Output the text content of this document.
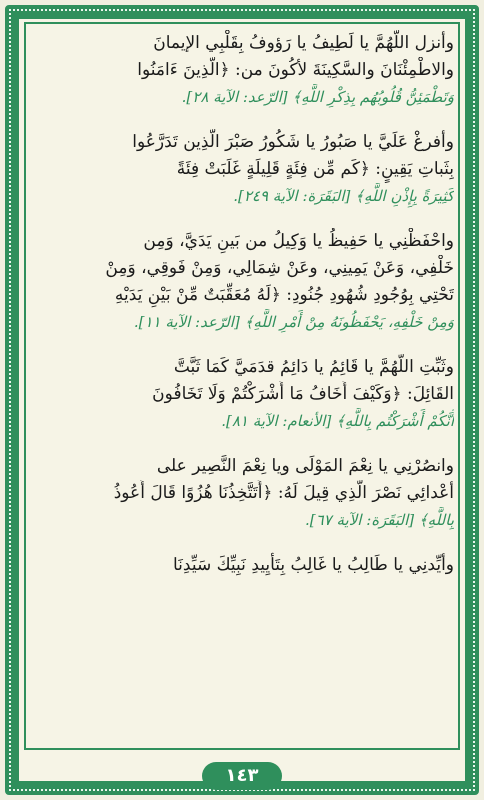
وأنزل اللَّهُمَّ يا لَطِيفُ يا رَؤوفُ بِقَلْبِي الإيمانَ
والاطْمِئْنَانَ والسَّكِينَةَ لأكُونَ من: ﴿الَّذِينَ ءَامَنُوا
وَتَطْمَئِنُّ قُلُوبُهُم بِذِكْرِ اللَّهِ﴾ [الرّعد: الآية ٢٨].
وأفرغْ عَلَيَّ يا صَبُورُ يا شَكُورُ صَبْرَ الَّذِين تَدَرَّعُوا
بِثَباتِ يَقِينٍ: ﴿كَم مِّن فِئَةٍ قَلِيلَةٍ غَلَبَتْ فِئَةً
كَثِيرَةً بِإِذْنِ اللَّهِ﴾ [البَقَرَة: الآية ٢٤٩].
واحْفَظْنِي يا حَفِيظُ يا وَكِيلُ من بَينِ يَدَيَّ، وَمِن
خَلْفِي، وَعَنْ يَمِينِي، وعَنْ شِمَالِي، وَمِنْ فَوقِي، وَمِنْ
تَحْتِي بِوُجُودِ شُهُودِ جُنُودِ: ﴿لَهُ مُعَقِّبَتٌ مِّنْ بَيْنِ يَدَيْهِ
وَمِنْ خَلْفِهِ، يَحْفَظُونَهُ مِنْ أَمْرِ اللَّهِ﴾ [الرّعد: الآية ١١].
وثَبِّتِ اللَّهُمَّ يا قَائِمُ يا دَائِمُ قدَمَيَّ كَمَا ثَبَّتَّ
القَائِلَ: ﴿وَكَيْفَ أَخَافُ مَا أَشْرَكْتُمْ وَلَا تَخَافُونَ
أَنَّكُمْ أَشْرَكْتُم بِاللَّهِ﴾ [الأنعام: الآية ٨١].
وانصُرْنِي يا نِعْمَ المَوْلَى ويا نِعْمَ النَّصِير على
أعْدائِي نَصْرَ الَّذِي قِيلَ لَهُ: ﴿أَتَتَّخِذُنَا هُزُوًا قَالَ أَعُوذُ
بِاللَّهِ﴾ [البَقَرَة: الآية ٦٧].
وأيِّدنِي يا طَالِبُ يا غَالِبُ بِتَأْيِيدِ نَبِيِّكَ سَيِّدِنَا
١٤٣
